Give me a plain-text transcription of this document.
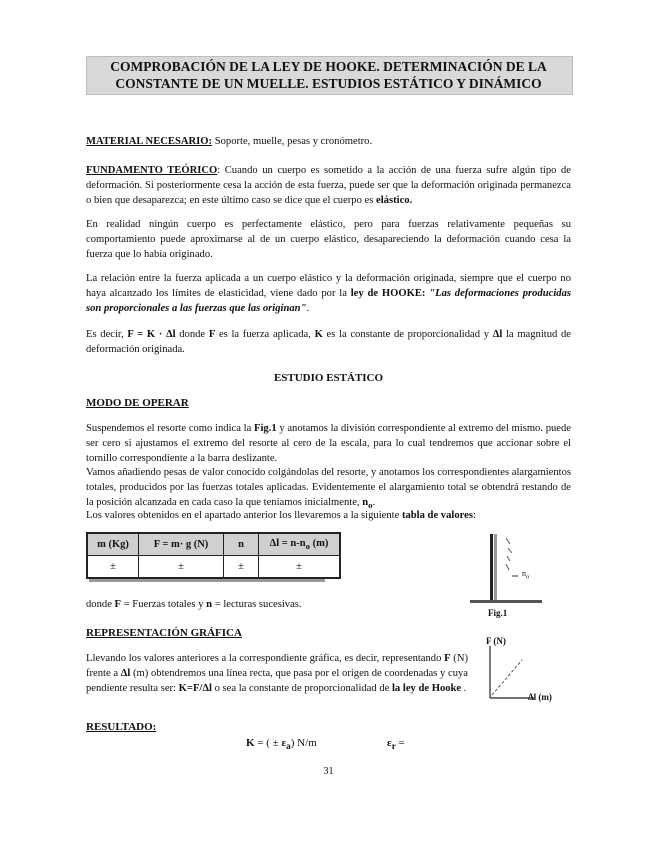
COMPROBACIÓN DE LA LEY DE HOOKE. DETERMINACIÓN DE LA
CONSTANTE DE UN MUELLE. ESTUDIOS ESTÁTICO Y DINÁMICO
MATERIAL NECESARIO: Soporte, muelle, pesas y cronómetro.
FUNDAMENTO TEÓRICO: Cuando un cuerpo es sometido a la acción de una fuerza sufre algún tipo de deformación. Si posteriormente cesa la acción de esta fuerza, puede ser que la deformación originada permanezca o bien que desaparezca; en este último caso se dice que el cuerpo es elástico.
En realidad ningún cuerpo es perfectamente elástico, pero para fuerzas relativamente pequeñas su comportamiento puede aproximarse al de un cuerpo elástico, desapareciendo la deformación cuando cesa la fuerza que lo había originado.
La relación entre la fuerza aplicada a un cuerpo elástico y la deformación originada, siempre que el cuerpo no haya alcanzado los límites de elasticidad, viene dado por la ley de HOOKE: "Las deformaciones producidas son proporcionales a las fuerzas que las originan".
Es decir, F = K · Δl donde F es la fuerza aplicada, K es la constante de proporcionalidad y Δl la magnitud de deformación originada.
ESTUDIO ESTÁTICO
MODO DE OPERAR
Suspendemos el resorte como indica la Fig.1 y anotamos la división correspondiente al extremo del mismo. puede ser cero si ajustamos el extremo del resorte al cero de la escala, para lo cual tendremos que accionar sobre el tornillo correspondiente a la barra deslizante.
Vamos añadiendo pesas de valor conocido colgándolas del resorte, y anotamos los correspondientes alargamientos totales, producidos por las fuerzas totales aplicadas. Evidentemente el alargamiento total se obtendrá restando de la posición alcanzada en cada caso la que teníamos inicialmente, $n_o$.
Los valores obtenidos en el apartado anterior los llevaremos a la siguiente tabla de valores:
m (Kg)	F = m· g (N)	n	$\Delta l = n-n_o$ (m)
±	±	±	±
donde F = Fuerzas totales y n = lecturas sucesivas.
$n_o$
Fig.1
REPRESENTACIÓN GRÁFICA
Llevando los valores anteriores a la correspondiente gráfica, es decir, representando F (N) frente a Δl (m) obtendremos una línea recta, que pasa por el origen de coordenadas y cuya pendiente resulta ser: K=F/Δl o sea la constante de proporcionalidad de la ley de Hooke .
F (N)
Δl (m)
RESULTADO:
K = ( ± $\varepsilon_a$) N/m	$\varepsilon_r$ =
31
